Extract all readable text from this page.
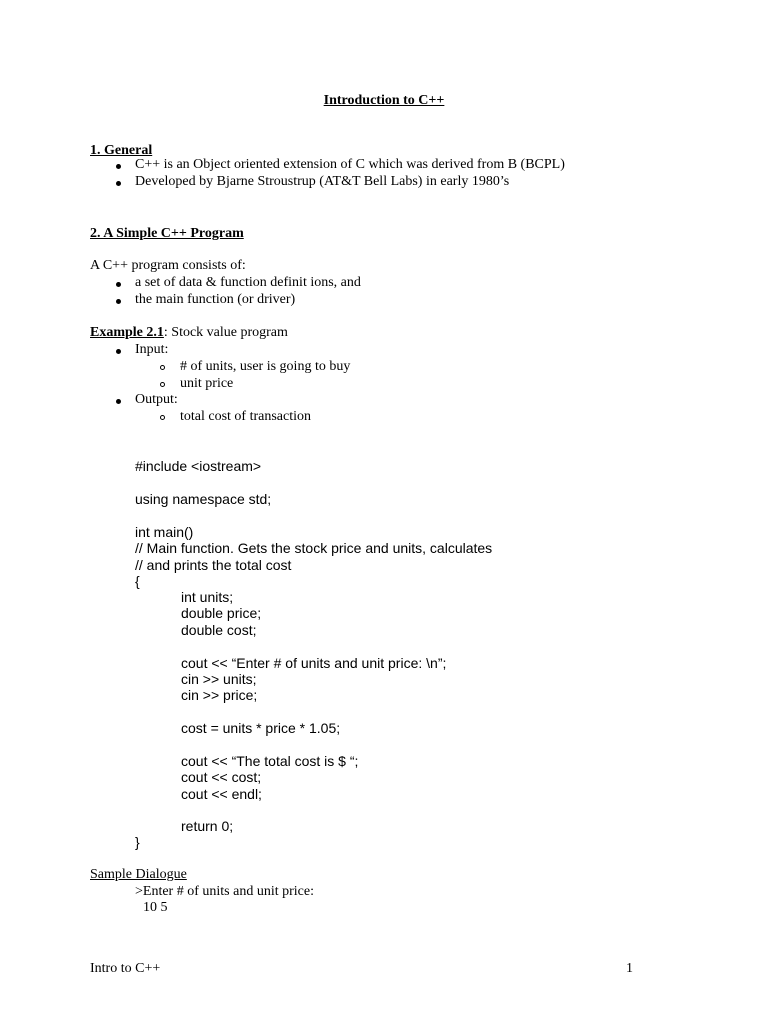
Introduction to C++
1. General
C++ is an Object oriented extension of C which was derived from B (BCPL)
Developed by Bjarne Stroustrup (AT&T Bell Labs) in early 1980’s
2. A Simple C++ Program
A C++ program consists of:
a set of data & function definit ions, and
the main function (or driver)
Example 2.1: Stock value program
Input:
# of units, user is going to buy
unit price
Output:
total cost of transaction
#include <iostream>
using namespace std;
int main()
// Main function. Gets the stock price and units, calculates
// and prints the total cost
{
int units;
double price;
double cost;
cout << “Enter # of units and unit price: \n”;
cin >> units;
cin >> price;
cost = units * price * 1.05;
cout << “The total cost is $ “;
cout << cost;
cout << endl;
return 0;
}
Sample Dialogue
>Enter # of units and unit price:
10 5
Intro to C++	1
